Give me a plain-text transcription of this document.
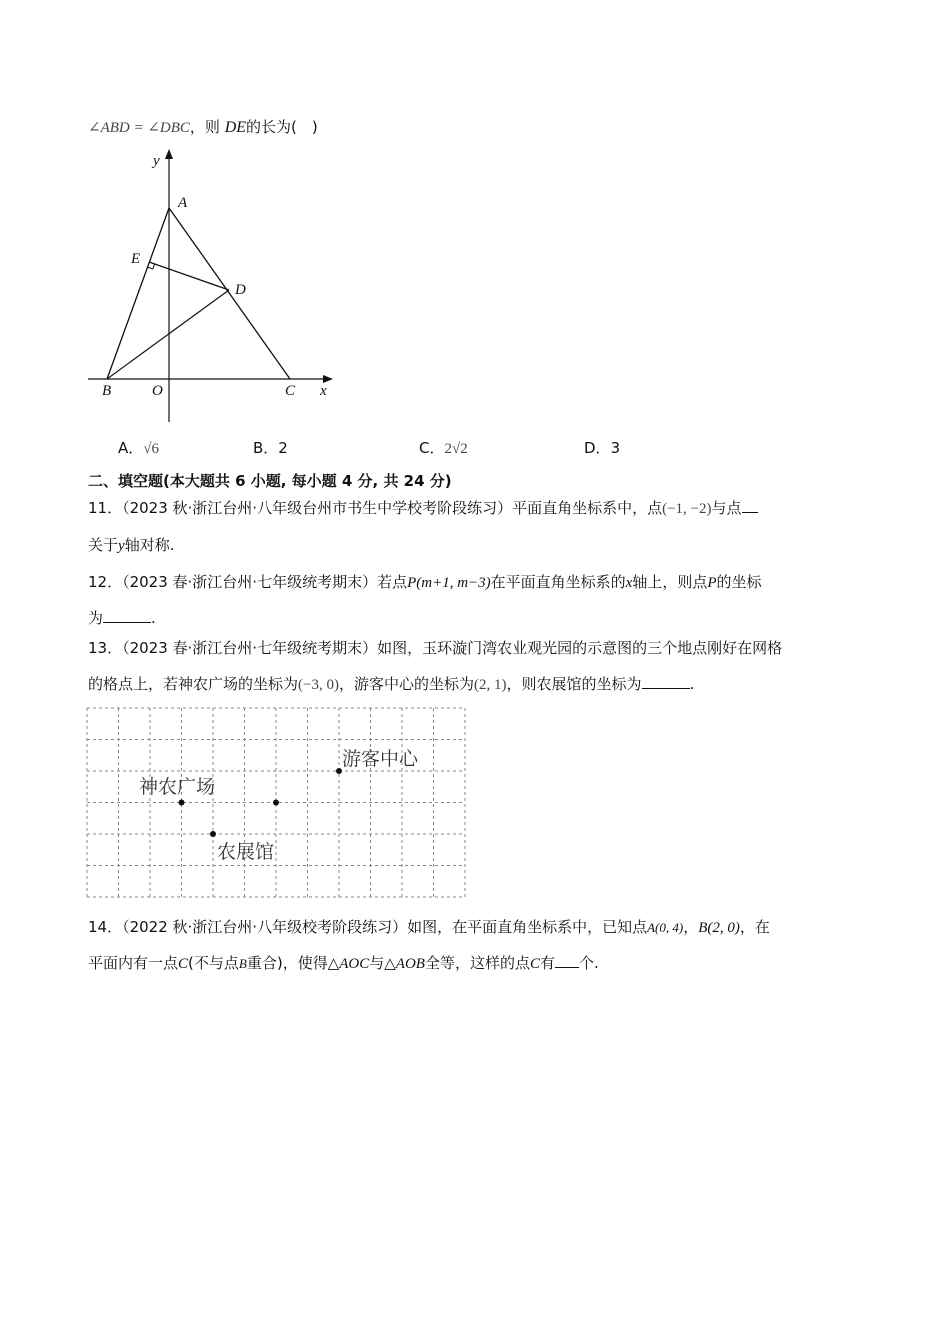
∠ABD = ∠DBC，则 DE的长为(　)
y
A
E
D
B	O	C x
A．√6	B．2	C．2√2	D．3
二、填空题(本大题共 6 小题, 每小题 4 分, 共 24 分)
11．（2023 秋·浙江台州·八年级台州市书生中学校考阶段练习）平面直角坐标系中，点(−1, −2)与点
关于y轴对称.
12．（2023 春·浙江台州·七年级统考期末）若点P(m+1, m−3)在平面直角坐标系的x轴上，则点P的坐标
为	.
13．（2023 春·浙江台州·七年级统考期末）如图，玉环漩门湾农业观光园的示意图的三个地点刚好在网格
的格点上，若神农广场的坐标为(−3, 0)，游客中心的坐标为(2, 1)，则农展馆的坐标为	.
游客中心
神农广场
农展馆
14．（2022 秋·浙江台州·八年级校考阶段练习）如图，在平面直角坐标系中，已知点A(0, 4)，B(2, 0)，在
平面内有一点C(不与点B重合)，使得△AOC与△AOB全等，这样的点C有 个.
